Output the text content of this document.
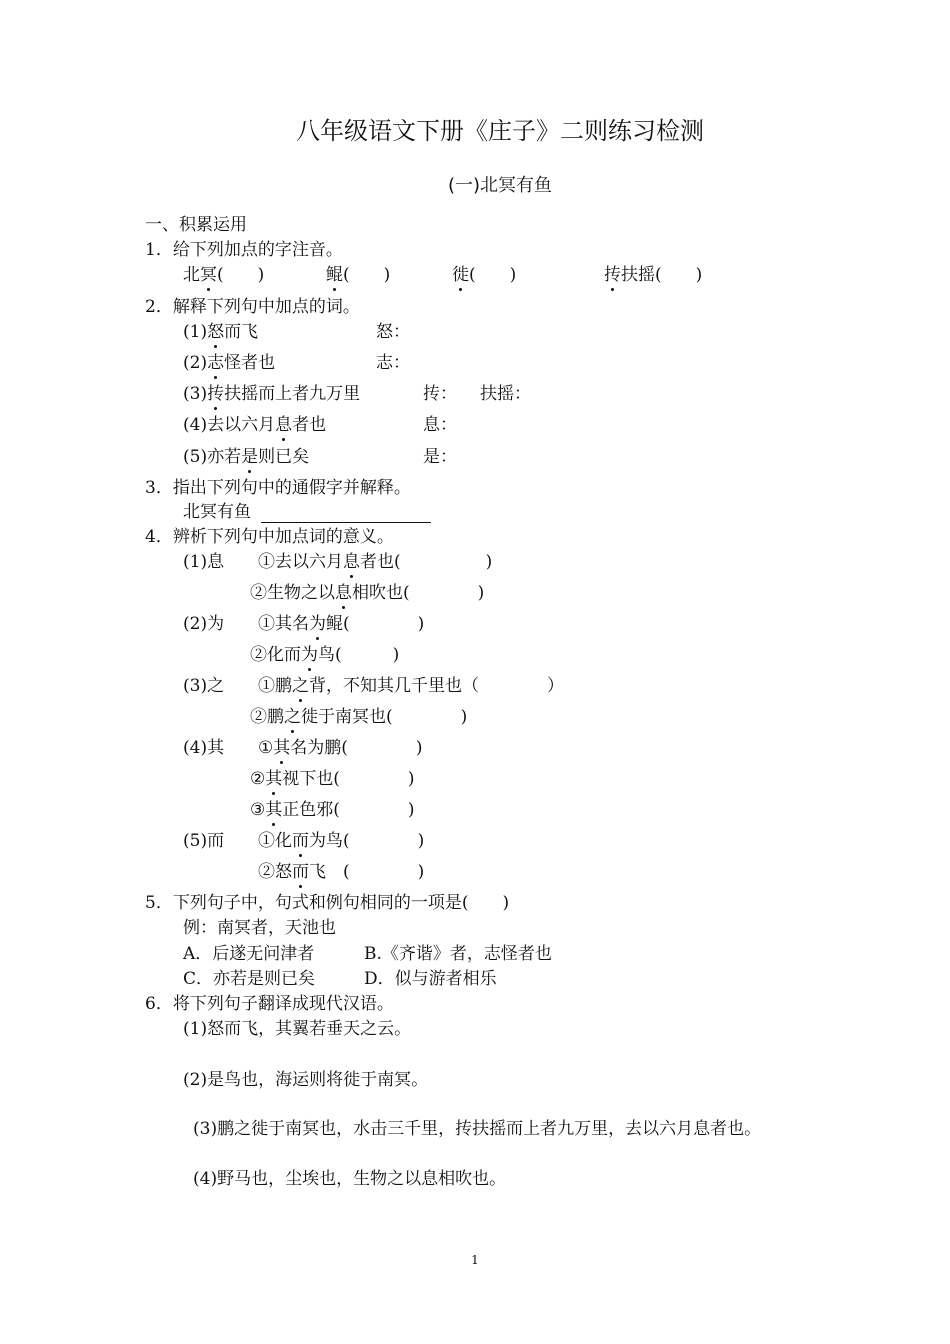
八年级语文下册《庄子》二则练习检测
(一)北冥有鱼
一、积累运用
1．给下列加点的字注音。
北冥(　　)	鲲(　　)	徙(　　)	抟扶摇(　　)
2．解释下列句中加点的词。
(1)怒而飞	怒：
(2)志怪者也	志：
(3)抟扶摇而上者九万里	抟： 扶摇：
(4)去以六月息者也	息：
(5)亦若是则已矣	是：
3．指出下列句中的通假字并解释。
北冥有鱼
4．辨析下列句中加点词的意义。
(1)息 ①去以六月息者也(　　　　　)
②生物之以息相吹也(　　　　)
(2)为 ①其名为鲲(　　　　)
②化而为鸟(　　　)
(3)之 ①鹏之背，不知其几千里也（　　　　）
②鹏之徙于南冥也(　　　　)
(4)其 ①其名为鹏(　　　　)
②其视下也(　　　　)
③其正色邪(　　　　)
(5)而 ①化而为鸟(　　　　)
②怒而飞　(　　　　)
5．下列句子中，句式和例句相同的一项是(　　)
例：南冥者，天池也
A．后遂无问津者	B.《齐谐》者，志怪者也
C．亦若是则已矣	D．似与游者相乐
6．将下列句子翻译成现代汉语。
(1)怒而飞，其翼若垂天之云。
(2)是鸟也，海运则将徙于南冥。
(3)鹏之徙于南冥也，水击三千里，抟扶摇而上者九万里，去以六月息者也。
(4)野马也，尘埃也，生物之以息相吹也。
1
